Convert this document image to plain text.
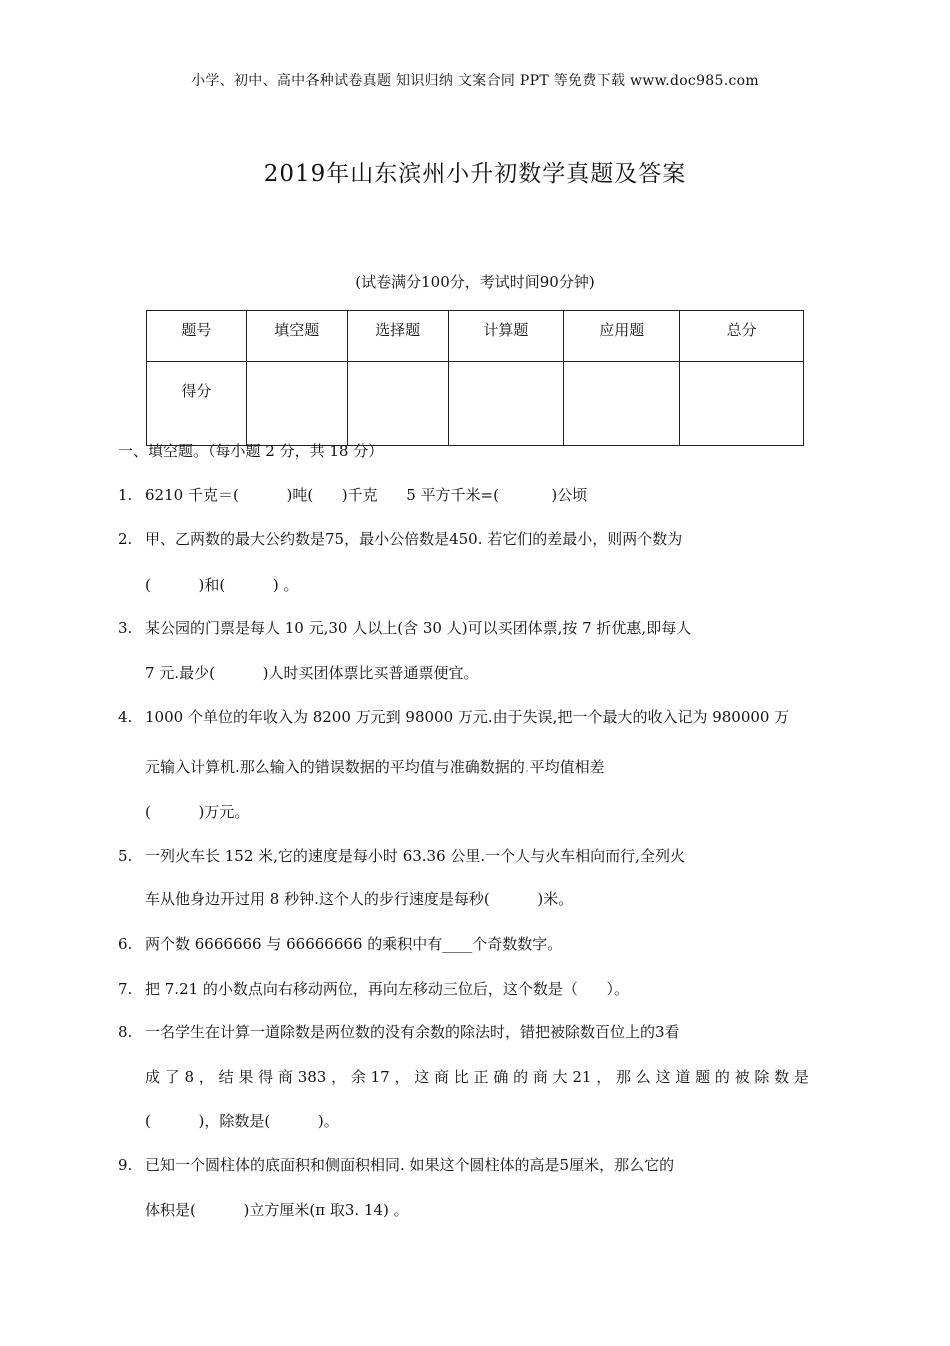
小学、初中、高中各种试卷真题 知识归纳 文案合同 PPT 等免费下载 www.doc985.com
2019年山东滨州小升初数学真题及答案
(试卷满分100分，考试时间90分钟)
题号	填空题	选择题	计算题	应用题	总分
得分					
一、填空题。（每小题 2 分，共 18 分）
1. 6210 千克＝(          )吨(      )千克      5 平方千米=(           )公顷
2. 甲、乙两数的最大公约数是75，最小公倍数是450. 若它们的差最小，则两个数为
(          )和(          ) 。
3. 某公园的门票是每人 10 元,30 人以上(含 30 人)可以买团体票,按 7 折优惠,即每人
7 元.最少(          )人时买团体票比买普通票便宜。
4. 1000 个单位的年收入为 8200 万元到 98000 万元.由于失误,把一个最大的收入记为 980000 万
元输入计算机.那么输入的错误数据的平均值与准确数据的.平均值相差
(          )万元。
5. 一列火车长 152 米,它的速度是每小时 63.36 公里.一个人与火车相向而行,全列火
车从他身边开过用 8 秒钟.这个人的步行速度是每秒(          )米。
6. 两个数 6666666 与 66666666 的乘积中有____个奇数数字。
7. 把 7.21 的小数点向右移动两位，再向左移动三位后，这个数是（      ）。
8. 一名学生在计算一道除数是两位数的没有余数的除法时，错把被除数百位上的3看
成 了 8 ， 结 果 得 商 383 ， 余 17 ， 这 商 比 正 确 的 商 大 21 ， 那 么 这 道 题 的 被 除 数 是
(          )，除数是(          )。
9. 已知一个圆柱体的底面积和侧面积相同. 如果这个圆柱体的高是5厘米，那么它的
体积是(          )立方厘米(π 取3. 14) 。
